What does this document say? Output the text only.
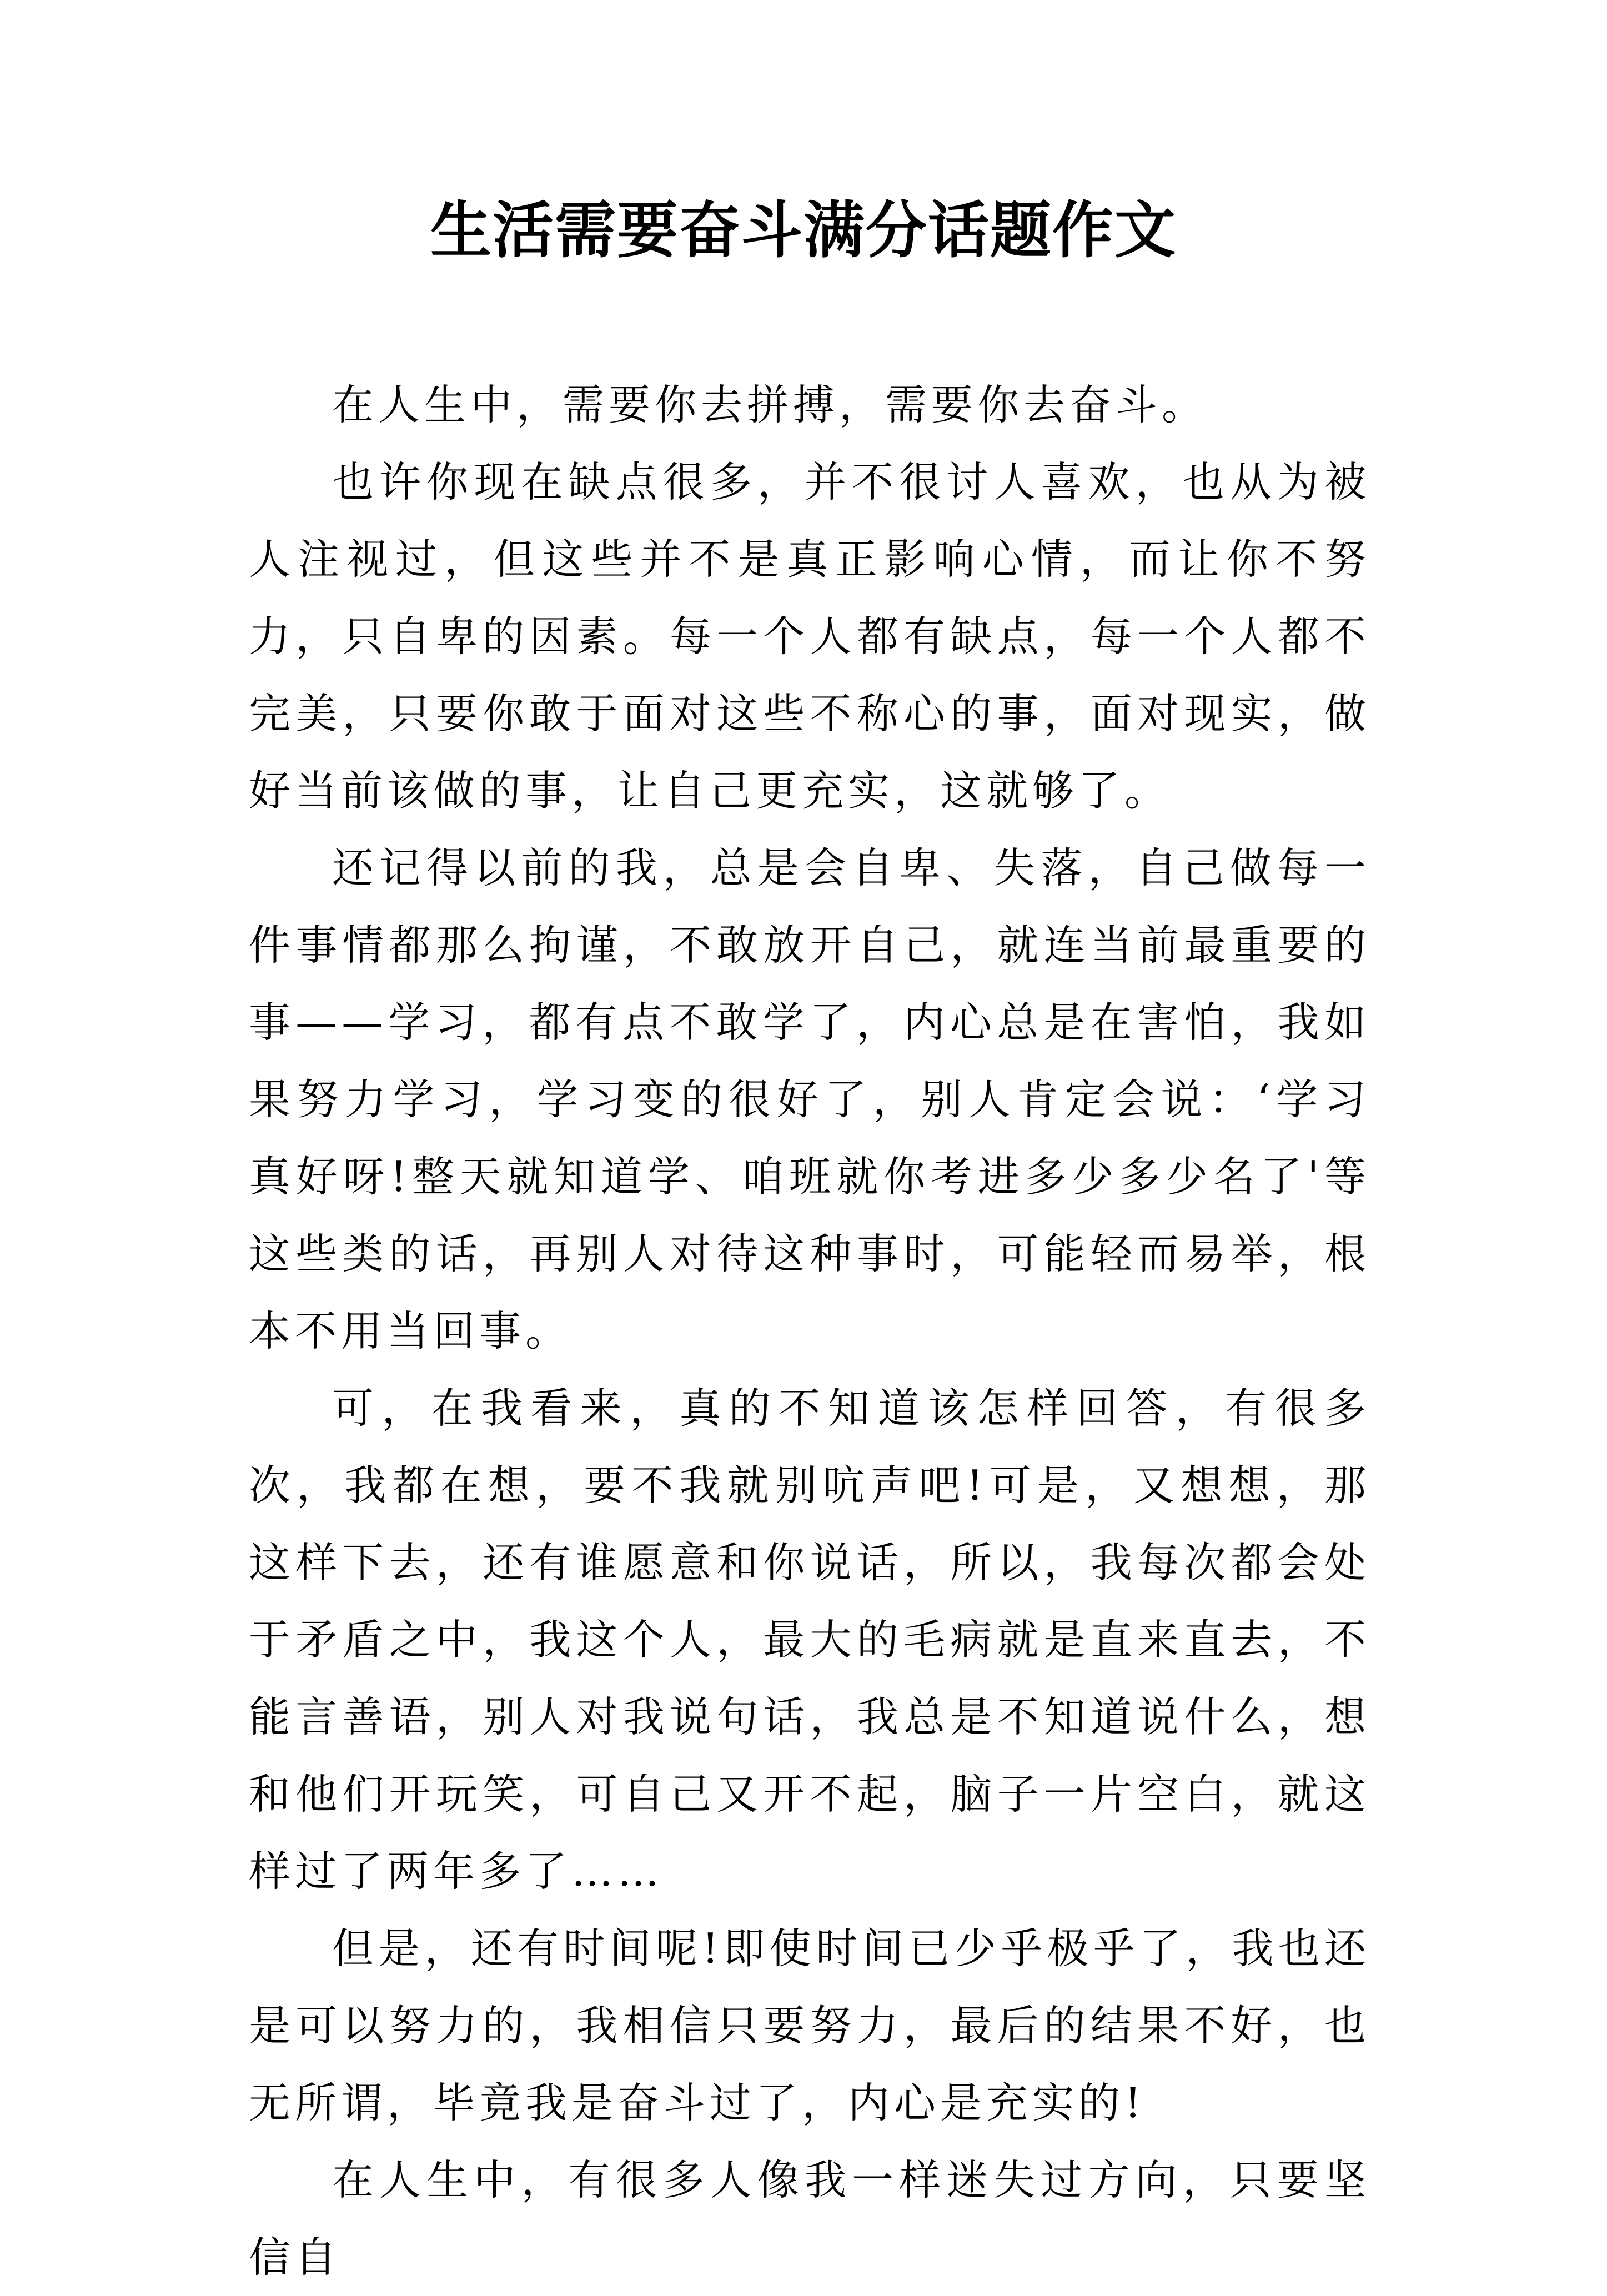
生活需要奋斗满分话题作文

在人生中，需要你去拼搏，需要你去奋斗。

也许你现在缺点很多，并不很讨人喜欢，也从为被人注视过，但这些并不是真正影响心情，而让你不努力，只自卑的因素。每一个人都有缺点，每一个人都不完美，只要你敢于面对这些不称心的事，面对现实，做好当前该做的事，让自己更充实，这就够了。

还记得以前的我，总是会自卑、失落，自己做每一件事情都那么拘谨，不敢放开自己，就连当前最重要的事——学习，都有点不敢学了，内心总是在害怕，我如果努力学习，学习变的很好了，别人肯定会说：‘学习真好呀!整天就知道学、咱班就你考进多少多少名了'等这些类的话，再别人对待这种事时，可能轻而易举，根本不用当回事。

可，在我看来，真的不知道该怎样回答，有很多次，我都在想，要不我就别吭声吧!可是，又想想，那这样下去，还有谁愿意和你说话，所以，我每次都会处于矛盾之中，我这个人，最大的毛病就是直来直去，不能言善语，别人对我说句话，我总是不知道说什么，想和他们开玩笑，可自己又开不起，脑子一片空白，就这样过了两年多了……

但是，还有时间呢!即使时间已少乎极乎了，我也还是可以努力的，我相信只要努力，最后的结果不好，也无所谓，毕竟我是奋斗过了，内心是充实的!

在人生中，有很多人像我一样迷失过方向，只要坚信自
